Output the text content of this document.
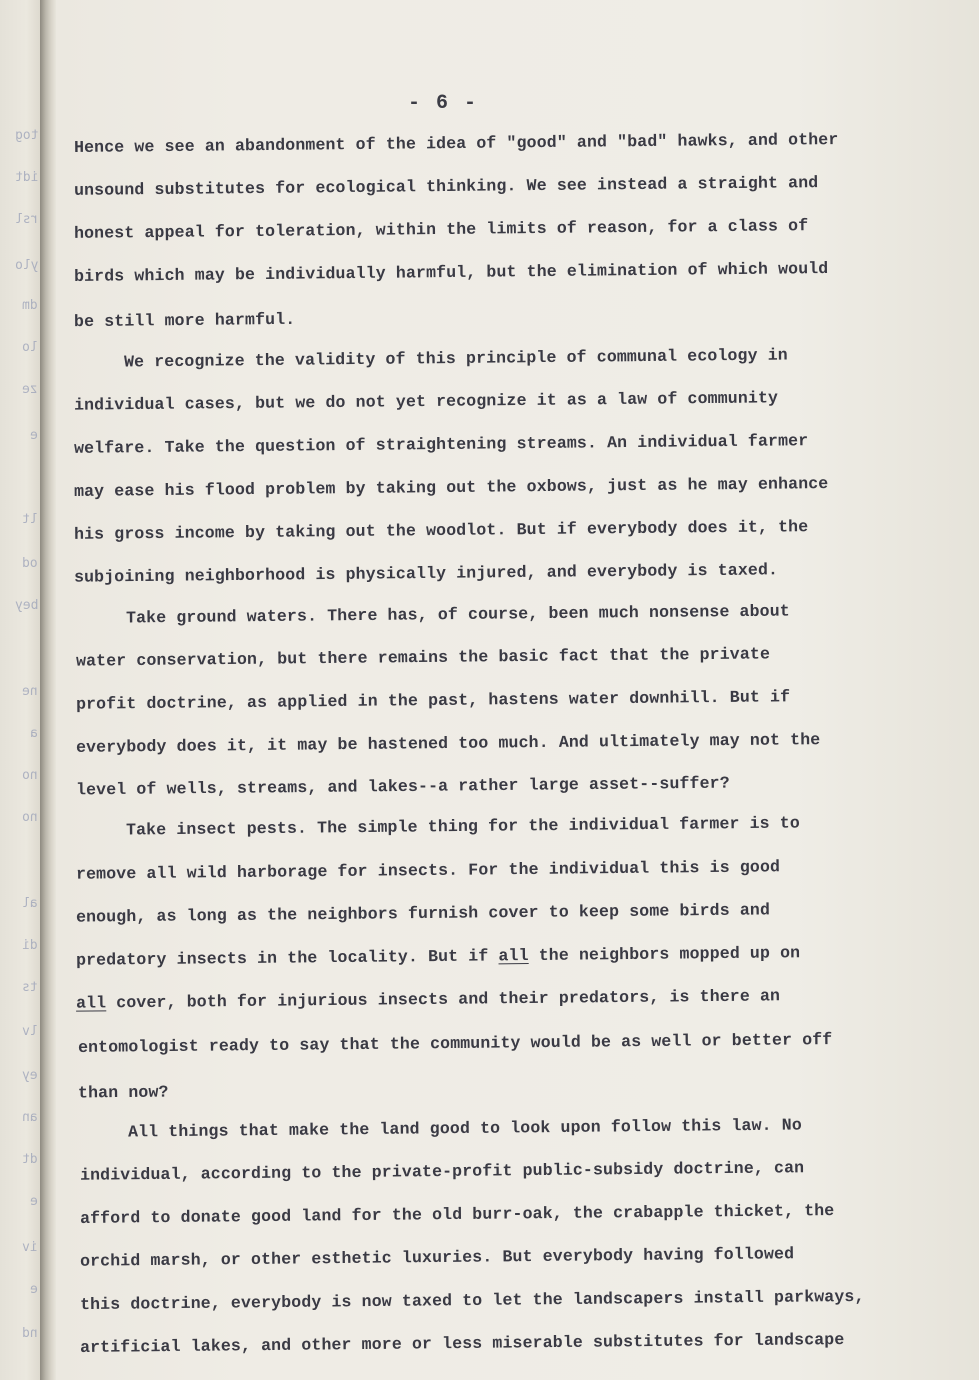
tog
idt
rsl
ylo
dm
lo
ze
e
lt
od
bey
ne
a
no
no
al
di
ts
lv
ey
an
dt
e
iv
e
nd
- 6 -
Hence we see an abandonment of the idea of "good" and "bad" hawks, and other
unsound substitutes for ecological thinking. We see instead a straight and
honest appeal for toleration, within the limits of reason, for a class of
birds which may be individually harmful, but the elimination of which would
be still more harmful.
We recognize the validity of this principle of communal ecology in
individual cases, but we do not yet recognize it as a law of community
welfare. Take the question of straightening streams. An individual farmer
may ease his flood problem by taking out the oxbows, just as he may enhance
his gross income by taking out the woodlot. But if everybody does it, the
subjoining neighborhood is physically injured, and everybody is taxed.
Take ground waters. There has, of course, been much nonsense about
water conservation, but there remains the basic fact that the private
profit doctrine, as applied in the past, hastens water downhill. But if
everybody does it, it may be hastened too much. And ultimately may not the
level of wells, streams, and lakes--a rather large asset--suffer?
Take insect pests. The simple thing for the individual farmer is to
remove all wild harborage for insects. For the individual this is good
enough, as long as the neighbors furnish cover to keep some birds and
predatory insects in the locality. But if all the neighbors mopped up on
all cover, both for injurious insects and their predators, is there an
entomologist ready to say that the community would be as well or better off
than now?
All things that make the land good to look upon follow this law. No
individual, according to the private-profit public-subsidy doctrine, can
afford to donate good land for the old burr-oak, the crabapple thicket, the
orchid marsh, or other esthetic luxuries. But everybody having followed
this doctrine, everybody is now taxed to let the landscapers install parkways,
artificial lakes, and other more or less miserable substitutes for landscape
